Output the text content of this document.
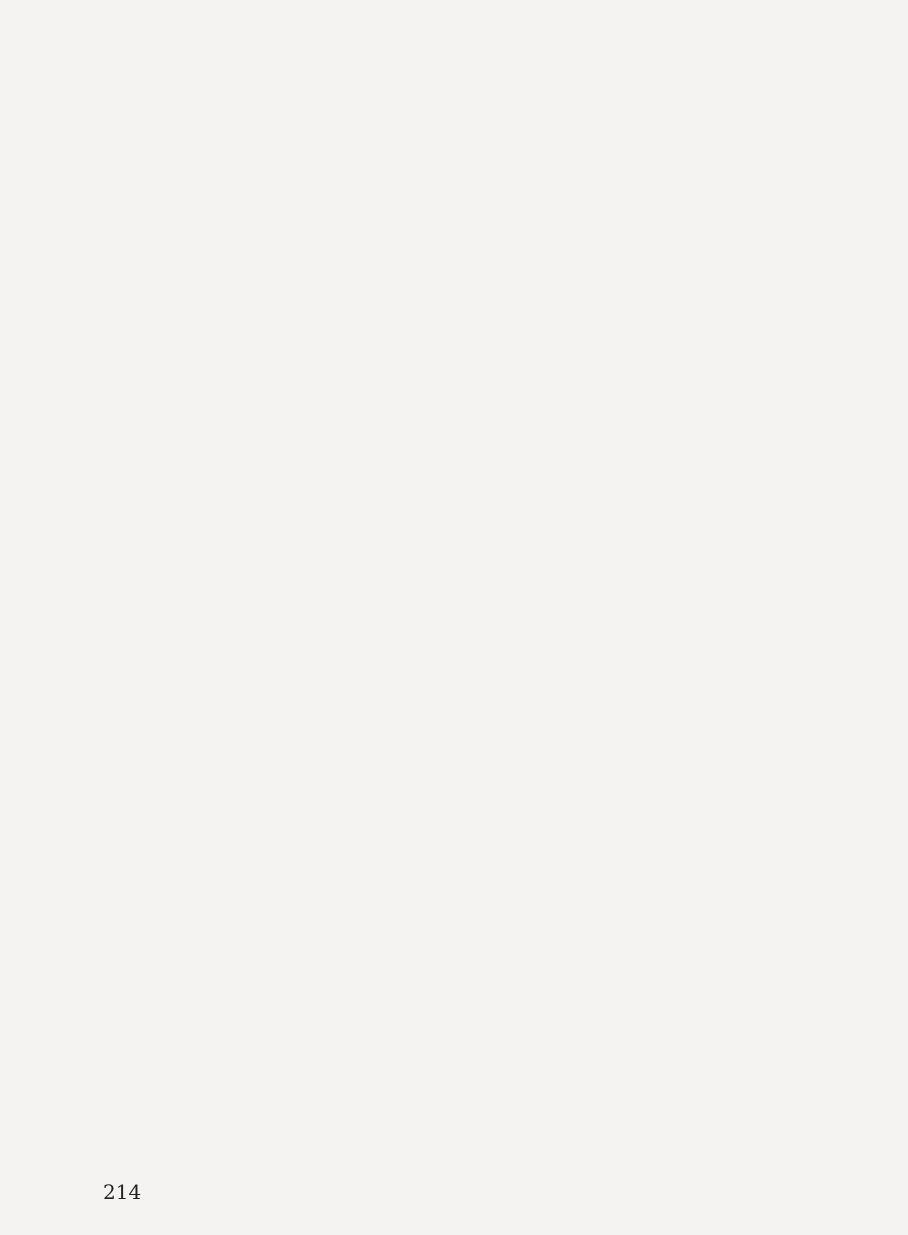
214
